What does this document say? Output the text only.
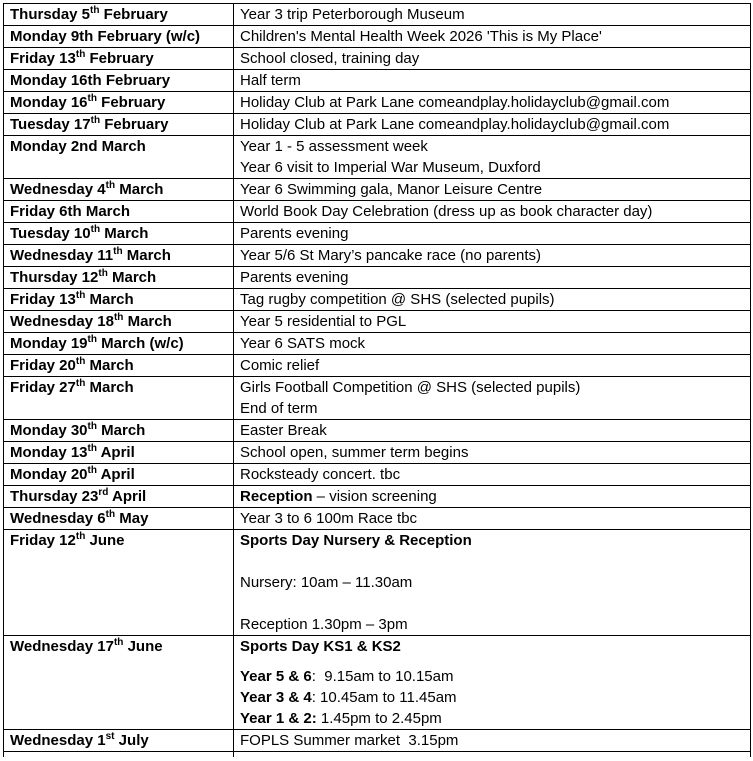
Thursday 5th February	Year 3 trip Peterborough Museum

Monday 9th February (w/c)	Children's Mental Health Week 2026 'This is My Place'

Friday 13th February	School closed, training day

Monday 16th February	Half term

Monday 16th February	Holiday Club at Park Lane comeandplay.holidayclub@gmail.com

Tuesday 17th February	Holiday Club at Park Lane comeandplay.holidayclub@gmail.com

Monday 2nd March	Year 1 - 5 assessment week
Year 6 visit to Imperial War Museum, Duxford

Wednesday 4th March	Year 6 Swimming gala, Manor Leisure Centre

Friday 6th March	World Book Day Celebration (dress up as book character day)

Tuesday 10th March	Parents evening

Wednesday 11th March	Year 5/6 St Mary’s pancake race (no parents)

Thursday 12th March	Parents evening

Friday 13th March	Tag rugby competition @ SHS (selected pupils)

Wednesday 18th March	Year 5 residential to PGL

Monday 19th March (w/c)	Year 6 SATS mock

Friday 20th March	Comic relief

Friday 27th March	Girls Football Competition @ SHS (selected pupils)
End of term

Monday 30th March	Easter Break

Monday 13th April	School open, summer term begins

Monday 20th April	Rocksteady concert. tbc

Thursday 23rd April	Reception – vision screening

Wednesday 6th May	Year 3 to 6 100m Race tbc

Friday 12th June	Sports Day Nursery & Reception
Nursery: 10am – 11.30am
Reception 1.30pm – 3pm

Wednesday 17th June	Sports Day KS1 & KS2
Year 5 & 6:  9.15am to 10.15am
Year 3 & 4: 10.45am to 11.45am
Year 1 & 2: 1.45pm to 2.45pm

Wednesday 1st July	FOPLS Summer market  3.15pm
